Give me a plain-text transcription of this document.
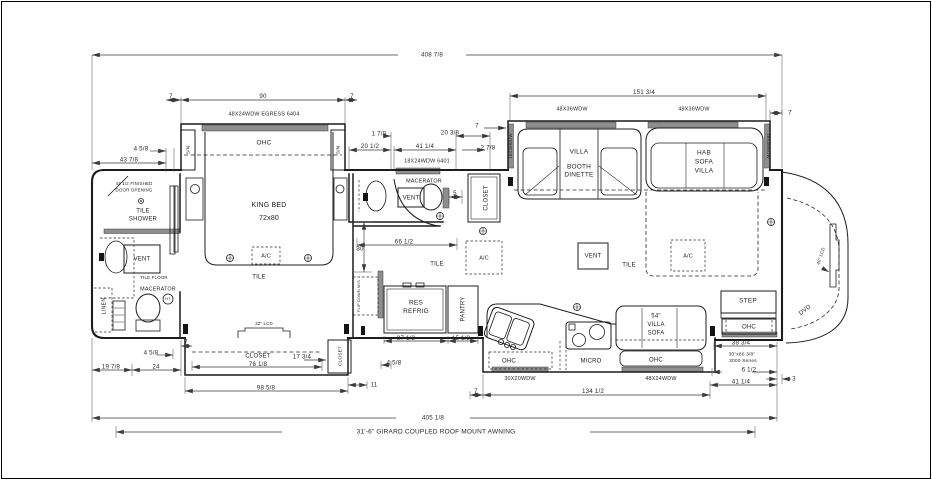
408 7/8
90
7	7
4 5/8
43 7/8
151 3/4
7
7
20 1/2	41 1/4
1 7/8	20 3/8
2 7/8
30
66 1/2
5
19 7/8	24
4 5/8
7
76 1/8
17 3/4
98 5/8	11
37 1/2	15 1/8
4 5/8
7	134 1/2
38 3/4
6 1/2
3
41 1/4
405 1/8
31'-6" GIRARD COUPLED ROOF MOUNT AWNING
48X24WDW EGRESS 6404
OHC
S/N	S/N
42 1/2 FINISHED
DOOR OPENING
TILE
SHOWER
VENT
TILE FLOOR
MACERATOR
LINEN	HT
KING BED
72x80
A/C
TILE
18X24WDW 6401
MACERATOR
VENT	CLOSET
TILE
A/C
48X36WDW	48X36WDW
18X36WDW	18X36WDW
VILLA
BOOTH
DINETTE
HAB
SOFA
VILLA
VENT
TILE
A/C	40" LCD
DVD
STEP
OHC
30"x80 3/8"
3000 Series
54"
VILLA
SOFA
OHC
48X24WDW
MICRO
OHC
30X20WDW
RES
REFRIG	PANTRY
FLIP DOWN W/S
32" LCD
CLOSET	CLOSET
